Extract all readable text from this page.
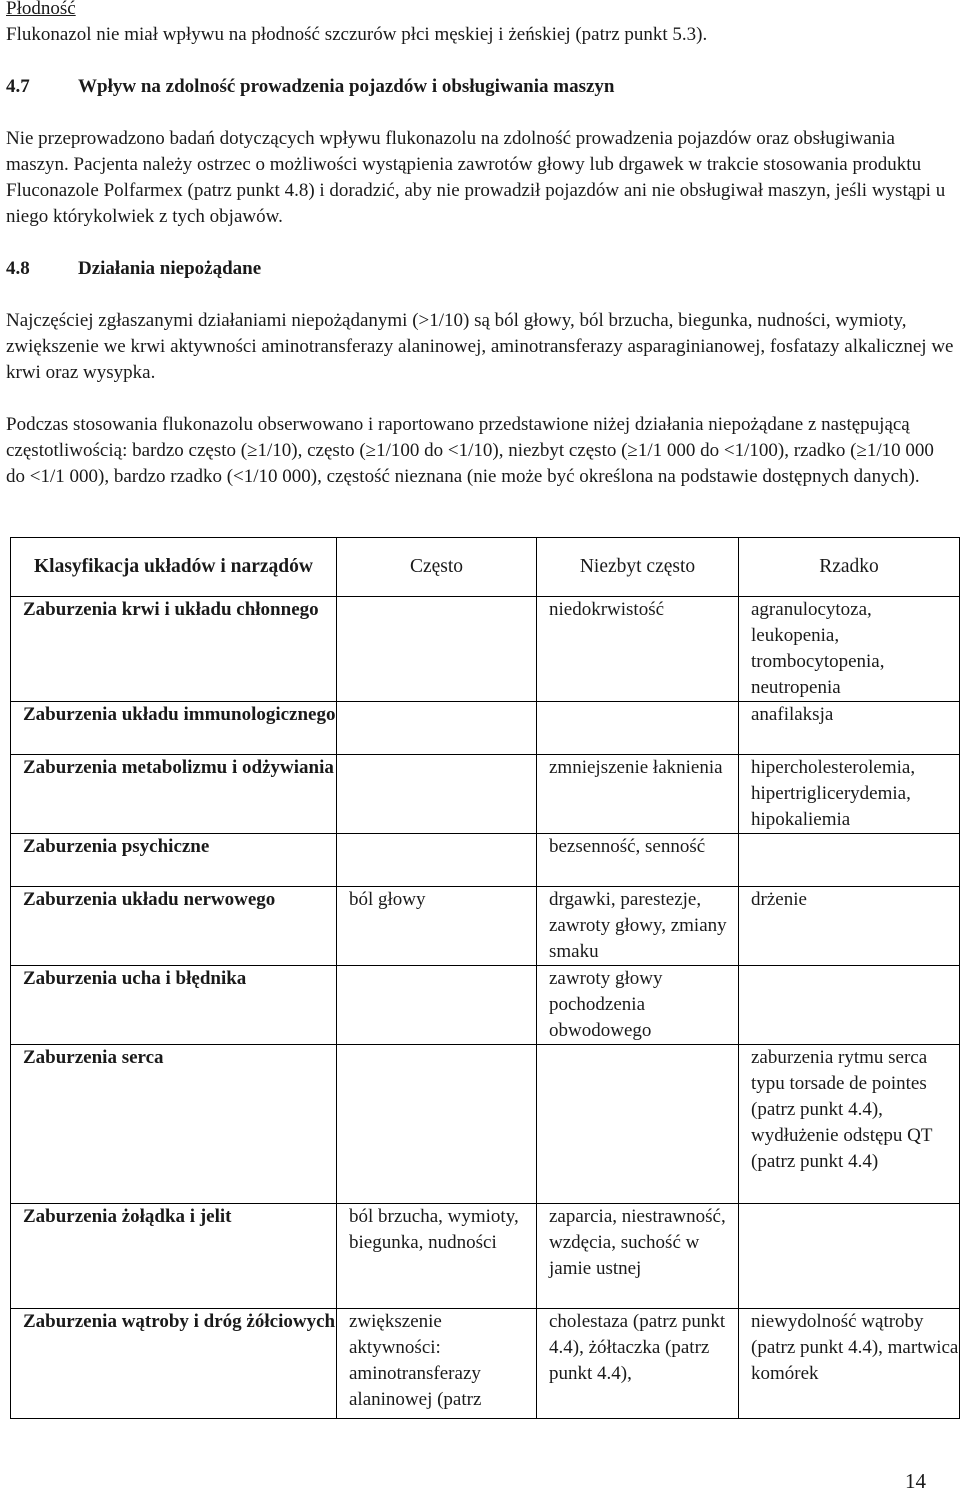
Płodność

Flukonazol nie miał wpływu na płodność szczurów płci męskiej i żeńskiej (patrz punkt 5.3).

4.7	Wpływ na zdolność prowadzenia pojazdów i obsługiwania maszyn

Nie przeprowadzono badań dotyczących wpływu flukonazolu na zdolność prowadzenia pojazdów oraz obsługiwania maszyn. Pacjenta należy ostrzec o możliwości wystąpienia zawrotów głowy lub drgawek w trakcie stosowania produktu Fluconazole Polfarmex (patrz punkt 4.8) i doradzić, aby nie prowadził pojazdów ani nie obsługiwał maszyn, jeśli wystąpi u niego którykolwiek z tych objawów.

4.8	Działania niepożądane

Najczęściej zgłaszanymi działaniami niepożądanymi (>1/10) są ból głowy, ból brzucha, biegunka, nudności, wymioty, zwiększenie we krwi aktywności aminotransferazy alaninowej, aminotransferazy asparaginianowej, fosfatazy alkalicznej we krwi oraz wysypka.

Podczas stosowania flukonazolu obserwowano i raportowano przedstawione niżej działania niepożądane z następującą częstotliwością: bardzo często (≥1/10), często (≥1/100 do <1/10), niezbyt często (≥1/1 000 do <1/100), rzadko (≥1/10 000 do <1/1 000), bardzo rzadko (<1/10 000), częstość nieznana (nie może być określona na podstawie dostępnych danych).

Klasyfikacja układów i narządów	Często	Niezbyt często	Rzadko
Zaburzenia krwi i układu chłonnego		niedokrwistość	agranulocytoza, leukopenia, trombocytopenia, neutropenia
Zaburzenia układu immunologicznego			anafilaksja
Zaburzenia metabolizmu i odżywiania		zmniejszenie łaknienia	hipercholesterolemia, hipertriglicerydemia, hipokaliemia
Zaburzenia psychiczne		bezsenność, senność	
Zaburzenia układu nerwowego	ból głowy	drgawki, parestezje, zawroty głowy, zmiany smaku	drżenie
Zaburzenia ucha i błędnika		zawroty głowy pochodzenia obwodowego	
Zaburzenia serca			zaburzenia rytmu serca typu torsade de pointes (patrz punkt 4.4), wydłużenie odstępu QT (patrz punkt 4.4)
Zaburzenia żołądka i jelit	ból brzucha, wymioty, biegunka, nudności	zaparcia, niestrawność, wzdęcia, suchość w jamie ustnej	
Zaburzenia wątroby i dróg żółciowych	zwiększenie aktywności: aminotransferazy alaninowej (patrz	cholestaza (patrz punkt 4.4), żółtaczka (patrz punkt 4.4),	niewydolność wątroby (patrz punkt 4.4), martwica komórek
14
